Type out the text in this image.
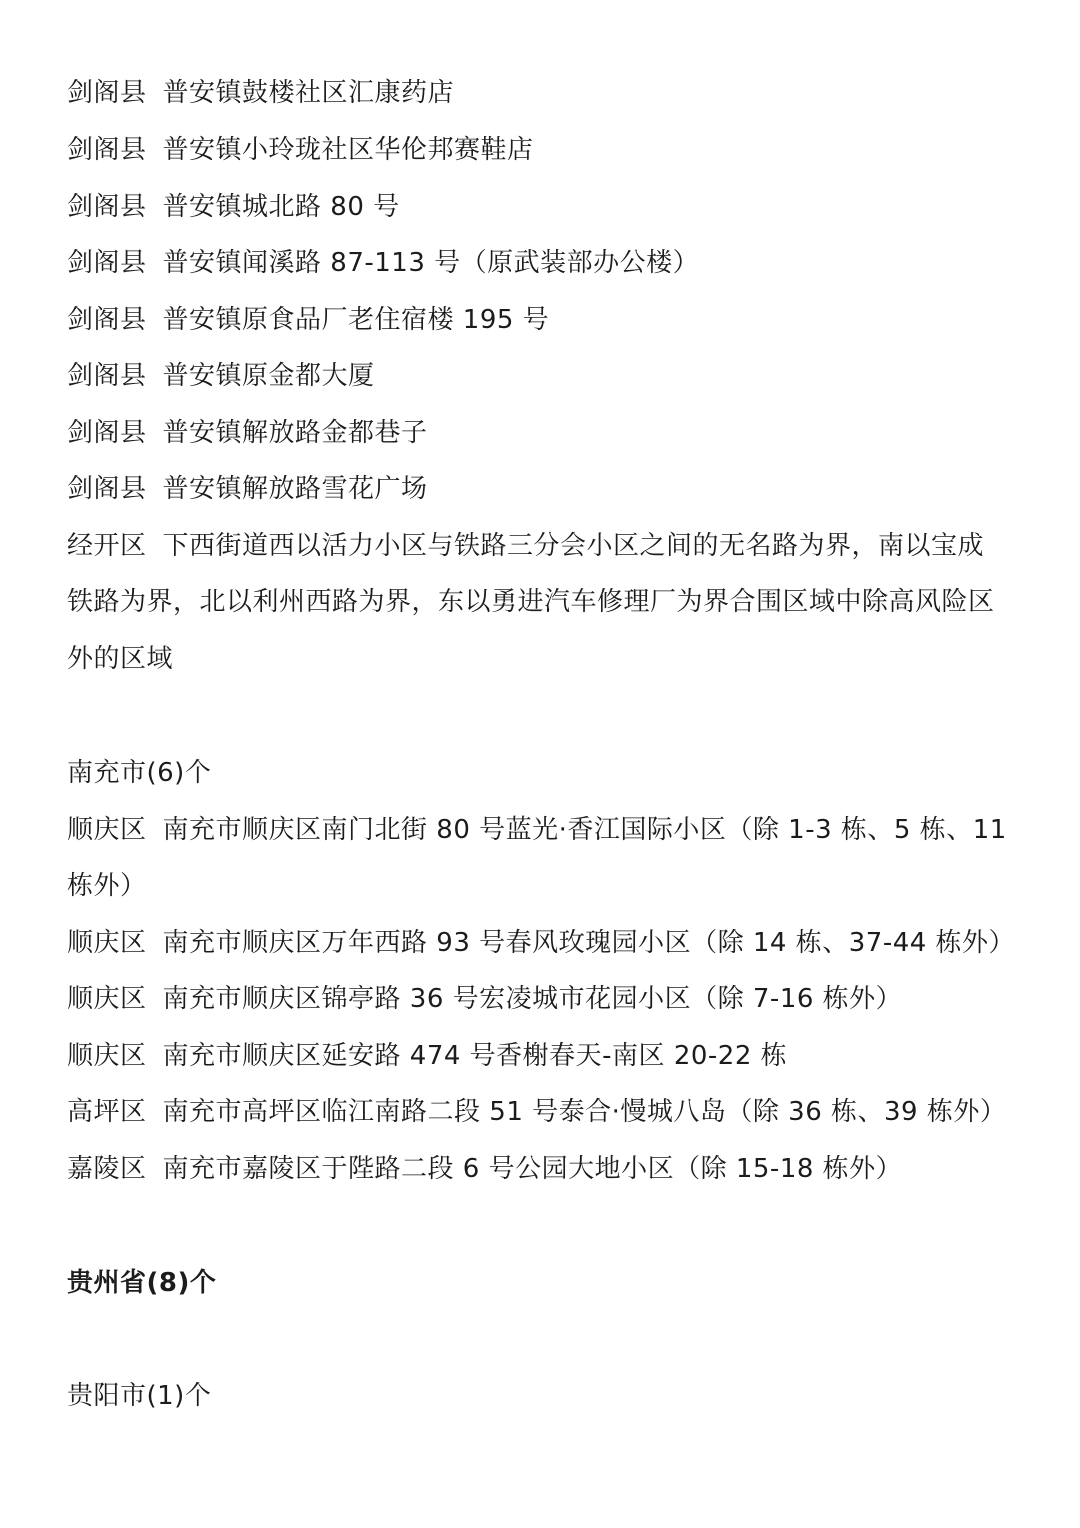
剑阁县 普安镇鼓楼社区汇康药店
剑阁县 普安镇小玲珑社区华伦邦赛鞋店
剑阁县 普安镇城北路 80 号
剑阁县 普安镇闻溪路 87-113 号（原武装部办公楼）
剑阁县 普安镇原食品厂老住宿楼 195 号
剑阁县 普安镇原金都大厦
剑阁县 普安镇解放路金都巷子
剑阁县 普安镇解放路雪花广场
经开区 下西街道西以活力小区与铁路三分会小区之间的无名路为界，南以宝成
铁路为界，北以利州西路为界，东以勇进汽车修理厂为界合围区域中除高风险区
外的区域
南充市(6)个
顺庆区 南充市顺庆区南门北街 80 号蓝光·香江国际小区（除 1-3 栋、5 栋、11
栋外）
顺庆区 南充市顺庆区万年西路 93 号春风玫瑰园小区（除 14 栋、37-44 栋外）
顺庆区 南充市顺庆区锦亭路 36 号宏凌城市花园小区（除 7-16 栋外）
顺庆区 南充市顺庆区延安路 474 号香榭春天-南区 20-22 栋
高坪区 南充市高坪区临江南路二段 51 号泰合·慢城八岛（除 36 栋、39 栋外）
嘉陵区 南充市嘉陵区于陛路二段 6 号公园大地小区（除 15-18 栋外）
贵州省(8)个
贵阳市(1)个
